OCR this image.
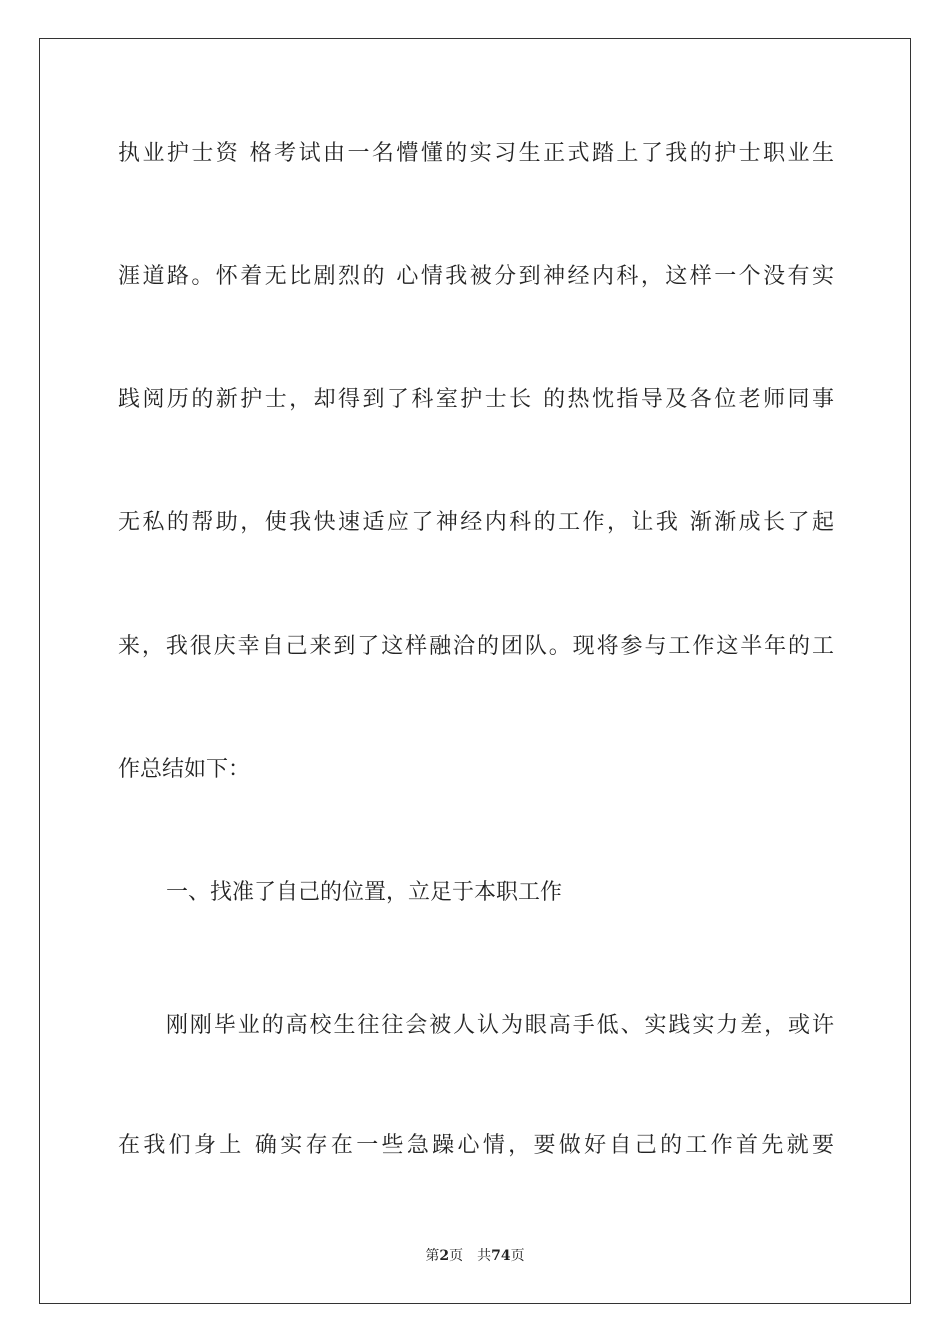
执业护士资 格考试由一名懵懂的实习生正式踏上了我的护士职业生
涯道路。怀着无比剧烈的 心情我被分到神经内科，这样一个没有实
践阅历的新护士，却得到了科室护士长 的热忱指导及各位老师同事
无私的帮助，使我快速适应了神经内科的工作，让我 渐渐成长了起
来，我很庆幸自己来到了这样融洽的团队。现将参与工作这半年的工
作总结如下：
一、找准了自己的位置，立足于本职工作
刚刚毕业的高校生往往会被人认为眼高手低、实践实力差，或许
在我们身上 确实存在一些急躁心情，要做好自己的工作首先就要
第2页 共74页
